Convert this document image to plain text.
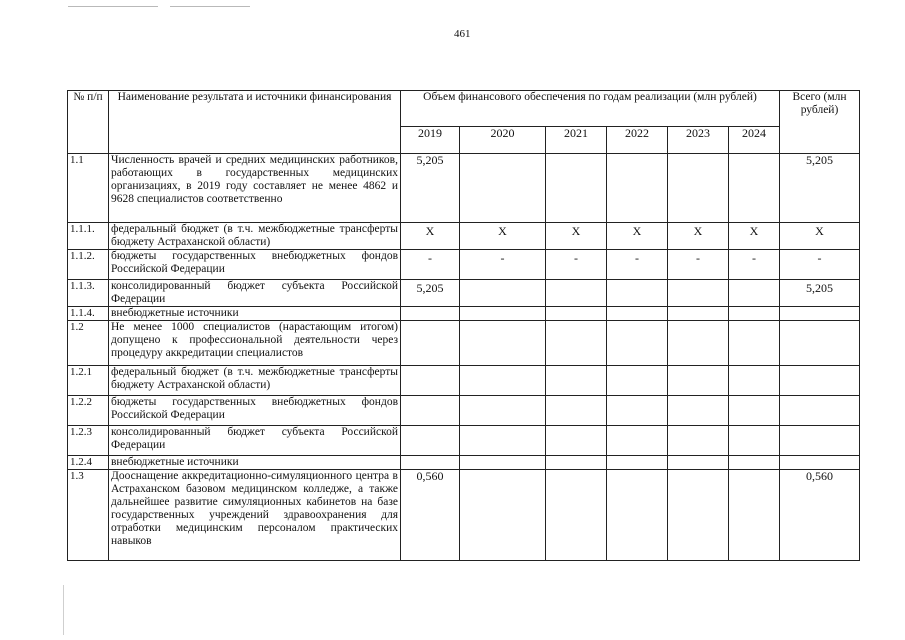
461
№ п/п	Наименование результата и источники финансирования	Объем финансового обеспечения по годам реализации (млн рублей)						Всего (млн рублей)
		2019	2020	2021	2022	2023	2024	
1.1	Численность врачей и средних медицинских работников, работающих в государственных медицинских организациях, в 2019 году составляет не менее 4862 и 9628 специалистов соответственно	5,205						5,205
1.1.1.	федеральный бюджет (в т.ч. межбюджетные трансферты бюджету Астраханской области)	X	X	X	X	X	X	X
1.1.2.	бюджеты государственных внебюджетных фондов Российской Федерации	-	-	-	-	-	-	-
1.1.3.	консолидированный бюджет субъекта Российской Федерации	5,205						5,205
1.1.4.	внебюджетные источники							
1.2	Не менее 1000 специалистов (нарастающим итогом) допущено к профессиональной деятельности через процедуру аккредитации специалистов							
1.2.1	федеральный бюджет (в т.ч. межбюджетные трансферты бюджету Астраханской области)							
1.2.2	бюджеты государственных внебюджетных фондов Российской Федерации							
1.2.3	консолидированный бюджет субъекта Российской Федерации							
1.2.4	внебюджетные источники							
1.3	Дооснащение аккредитационно-симуляционного центра в Астраханском базовом медицинском колледже, а также дальнейшее развитие симуляционных кабинетов на базе государственных учреждений здравоохранения для отработки медицинским персоналом практических навыков	0,560						0,560
